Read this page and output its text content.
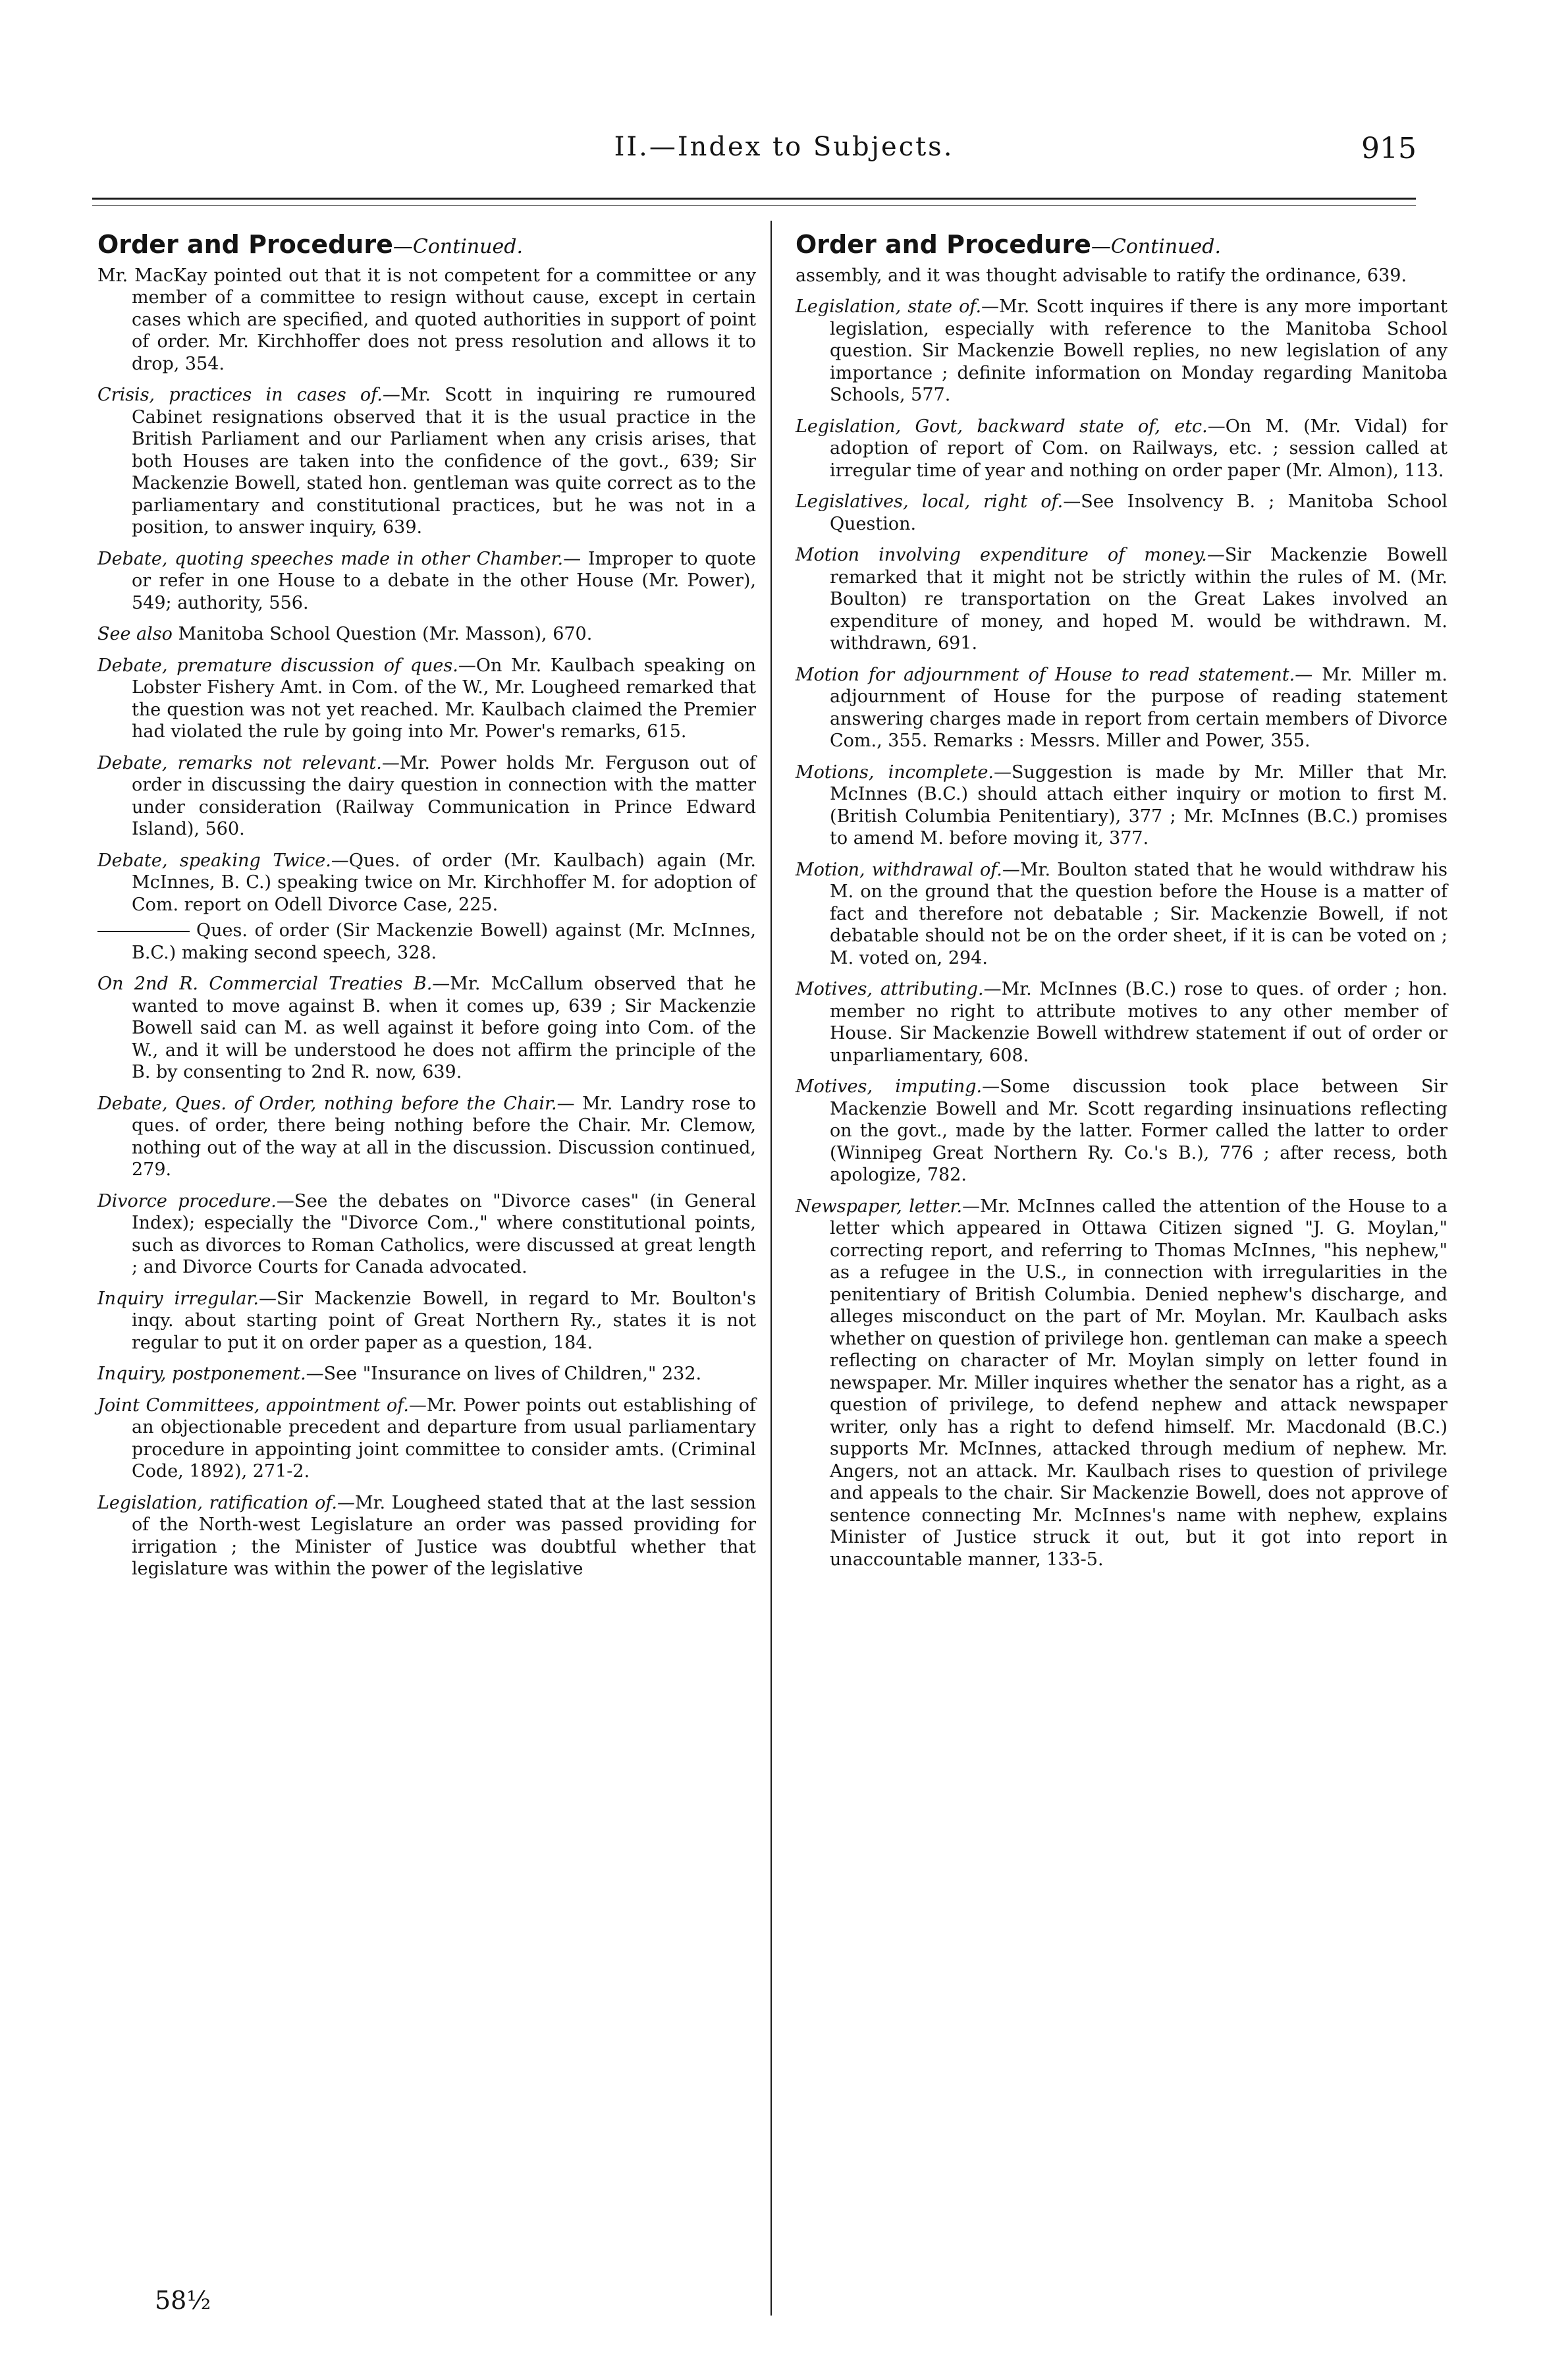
II.—Index to Subjects.	915
Order and Procedure—Continued.
Mr. MacKay pointed out that it is not competent for a committee or any member of a committee to resign without cause, except in certain cases which are specified, and quoted authorities in support of point of order. Mr. Kirchhoffer does not press resolution and allows it to drop, 354.
Crisis, practices in cases of.—Mr. Scott in inquiring re rumoured Cabinet resignations observed that it is the usual practice in the British Parliament and our Parliament when any crisis arises, that both Houses are taken into the confidence of the govt., 639; Sir Mackenzie Bowell, stated hon. gentleman was quite correct as to the parliamentary and constitutional practices, but he was not in a position, to answer inquiry, 639.
Debate, quoting speeches made in other Chamber.— Improper to quote or refer in one House to a debate in the other House (Mr. Power), 549; authority, 556.
See also Manitoba School Question (Mr. Masson), 670.
Debate, premature discussion of ques.—On Mr. Kaulbach speaking on Lobster Fishery Amt. in Com. of the W., Mr. Lougheed remarked that the question was not yet reached. Mr. Kaulbach claimed the Premier had violated the rule by going into Mr. Power's remarks, 615.
Debate, remarks not relevant.—Mr. Power holds Mr. Ferguson out of order in discussing the dairy question in connection with the matter under consideration (Railway Communication in Prince Edward Island), 560.
Debate, speaking Twice.—Ques. of order (Mr. Kaulbach) again (Mr. McInnes, B. C.) speaking twice on Mr. Kirchhoffer M. for adoption of Com. report on Odell Divorce Case, 225.
Ques. of order (Sir Mackenzie Bowell) against (Mr. McInnes, B.C.) making second speech, 328.
On 2nd R. Commercial Treaties B.—Mr. McCallum observed that he wanted to move against B. when it comes up, 639 ; Sir Mackenzie Bowell said can M. as well against it before going into Com. of the W., and it will be understood he does not affirm the principle of the B. by consenting to 2nd R. now, 639.
Debate, Ques. of Order, nothing before the Chair.— Mr. Landry rose to ques. of order, there being nothing before the Chair. Mr. Clemow, nothing out of the way at all in the discussion. Discussion continued, 279.
Divorce procedure.—See the debates on "Divorce cases" (in General Index); especially the "Divorce Com.," where constitutional points, such as divorces to Roman Catholics, were discussed at great length ; and Divorce Courts for Canada advocated.
Inquiry irregular.—Sir Mackenzie Bowell, in regard to Mr. Boulton's inqy. about starting point of Great Northern Ry., states it is not regular to put it on order paper as a question, 184.
Inquiry, postponement.—See "Insurance on lives of Children," 232.
Joint Committees, appointment of.—Mr. Power points out establishing of an objectionable precedent and departure from usual parliamentary procedure in appointing joint committee to consider amts. (Criminal Code, 1892), 271-2.
Legislation, ratification of.—Mr. Lougheed stated that at the last session of the North-west Legislature an order was passed providing for irrigation ; the Minister of Justice was doubtful whether that legislature was within the power of the legislative
58½
Order and Procedure—Continued.
assembly, and it was thought advisable to ratify the ordinance, 639.
Legislation, state of.—Mr. Scott inquires if there is any more important legislation, especially with reference to the Manitoba School question. Sir Mackenzie Bowell replies, no new legislation of any importance ; definite information on Monday regarding Manitoba Schools, 577.
Legislation, Govt, backward state of, etc.—On M. (Mr. Vidal) for adoption of report of Com. on Railways, etc. ; session called at irregular time of year and nothing on order paper (Mr. Almon), 113.
Legislatives, local, right of.—See Insolvency B. ; Manitoba School Question.
Motion involving expenditure of money.—Sir Mackenzie Bowell remarked that it might not be strictly within the rules of M. (Mr. Boulton) re transportation on the Great Lakes involved an expenditure of money, and hoped M. would be withdrawn. M. withdrawn, 691.
Motion for adjournment of House to read statement.— Mr. Miller m. adjournment of House for the purpose of reading statement answering charges made in report from certain members of Divorce Com., 355. Remarks : Messrs. Miller and Power, 355.
Motions, incomplete.—Suggestion is made by Mr. Miller that Mr. McInnes (B.C.) should attach either inquiry or motion to first M. (British Columbia Penitentiary), 377 ; Mr. McInnes (B.C.) promises to amend M. before moving it, 377.
Motion, withdrawal of.—Mr. Boulton stated that he would withdraw his M. on the ground that the question before the House is a matter of fact and therefore not debatable ; Sir. Mackenzie Bowell, if not debatable should not be on the order sheet, if it is can be voted on ; M. voted on, 294.
Motives, attributing.—Mr. McInnes (B.C.) rose to ques. of order ; hon. member no right to attribute motives to any other member of House. Sir Mackenzie Bowell withdrew statement if out of order or unparliamentary, 608.
Motives, imputing.—Some discussion took place between Sir Mackenzie Bowell and Mr. Scott regarding insinuations reflecting on the govt., made by the latter. Former called the latter to order (Winnipeg Great Northern Ry. Co.'s B.), 776 ; after recess, both apologize, 782.
Newspaper, letter.—Mr. McInnes called the attention of the House to a letter which appeared in Ottawa Citizen signed "J. G. Moylan," correcting report, and referring to Thomas McInnes, "his nephew," as a refugee in the U.S., in connection with irregularities in the penitentiary of British Columbia. Denied nephew's discharge, and alleges misconduct on the part of Mr. Moylan. Mr. Kaulbach asks whether on question of privilege hon. gentleman can make a speech reflecting on character of Mr. Moylan simply on letter found in newspaper. Mr. Miller inquires whether the senator has a right, as a question of privilege, to defend nephew and attack newspaper writer, only has a right to defend himself. Mr. Macdonald (B.C.) supports Mr. McInnes, attacked through medium of nephew. Mr. Angers, not an attack. Mr. Kaulbach rises to question of privilege and appeals to the chair. Sir Mackenzie Bowell, does not approve of sentence connecting Mr. McInnes's name with nephew, explains Minister of Justice struck it out, but it got into report in unaccountable manner, 133-5.
